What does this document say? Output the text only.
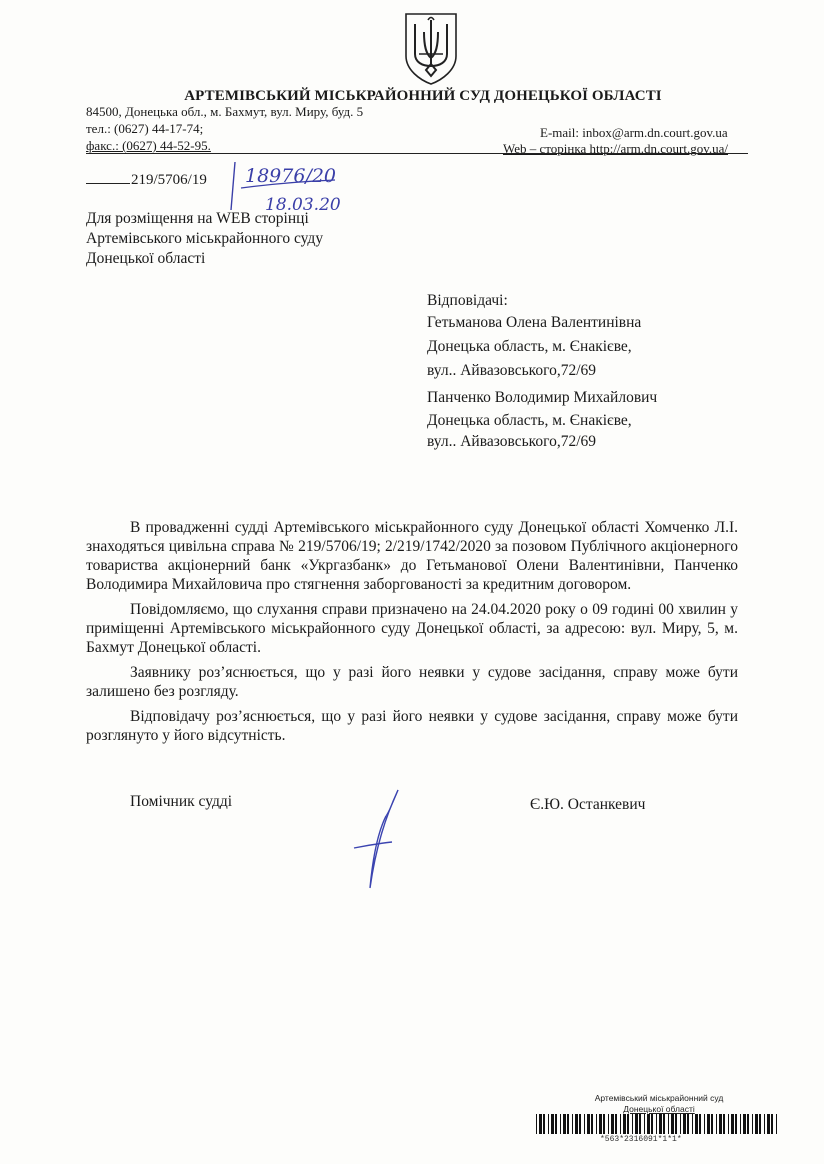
АРТЕМІВСЬКИЙ МІСЬКРАЙОННИЙ СУД ДОНЕЦЬКОЇ ОБЛАСТІ
84500, Донецька обл., м. Бахмут, вул. Миру, буд. 5
тел.: (0627) 44-17-74;
факс.: (0627) 44-52-95.
E-mail: inbox@arm.dn.court.gov.ua
Web – сторінка http://arm.dn.court.gov.ua/
219/5706/19 18976/20
18.03.20
Для розміщення на WEB сторінці
Артемівського міськрайонного суду
Донецької області
Відповідачі:
Гетьманова Олена Валентинівна
Донецька область, м. Єнакієве,
вул.. Айвазовського,72/69
Панченко Володимир Михайлович
Донецька область, м. Єнакієве,
вул.. Айвазовського,72/69

В провадженні судді Артемівського міськрайонного суду Донецької області Хомченко Л.І. знаходяться цивільна справа № 219/5706/19; 2/219/1742/2020 за позовом Публічного акціонерного товариства акціонерний банк «Укргазбанк» до Гетьманової Олени Валентинівни, Панченко Володимира Михайловича про стягнення заборгованості за кредитним договором.

Повідомляємо, що слухання справи призначено на 24.04.2020 року о 09 годині 00 хвилин у приміщенні Артемівського міськрайонного суду Донецької області, за адресою: вул. Миру, 5, м. Бахмут Донецької області.

Заявнику роз’яснюється, що у разі його неявки у судове засідання, справу може бути залишено без розгляду.

Відповідачу роз’яснюється, що у разі його неявки у судове засідання, справу може бути розглянуто у його відсутність.

Помічник судді	Є.Ю. Останкевич
Артемівський міськрайонний суд
Донецької області
*563*2316091*1*1*
